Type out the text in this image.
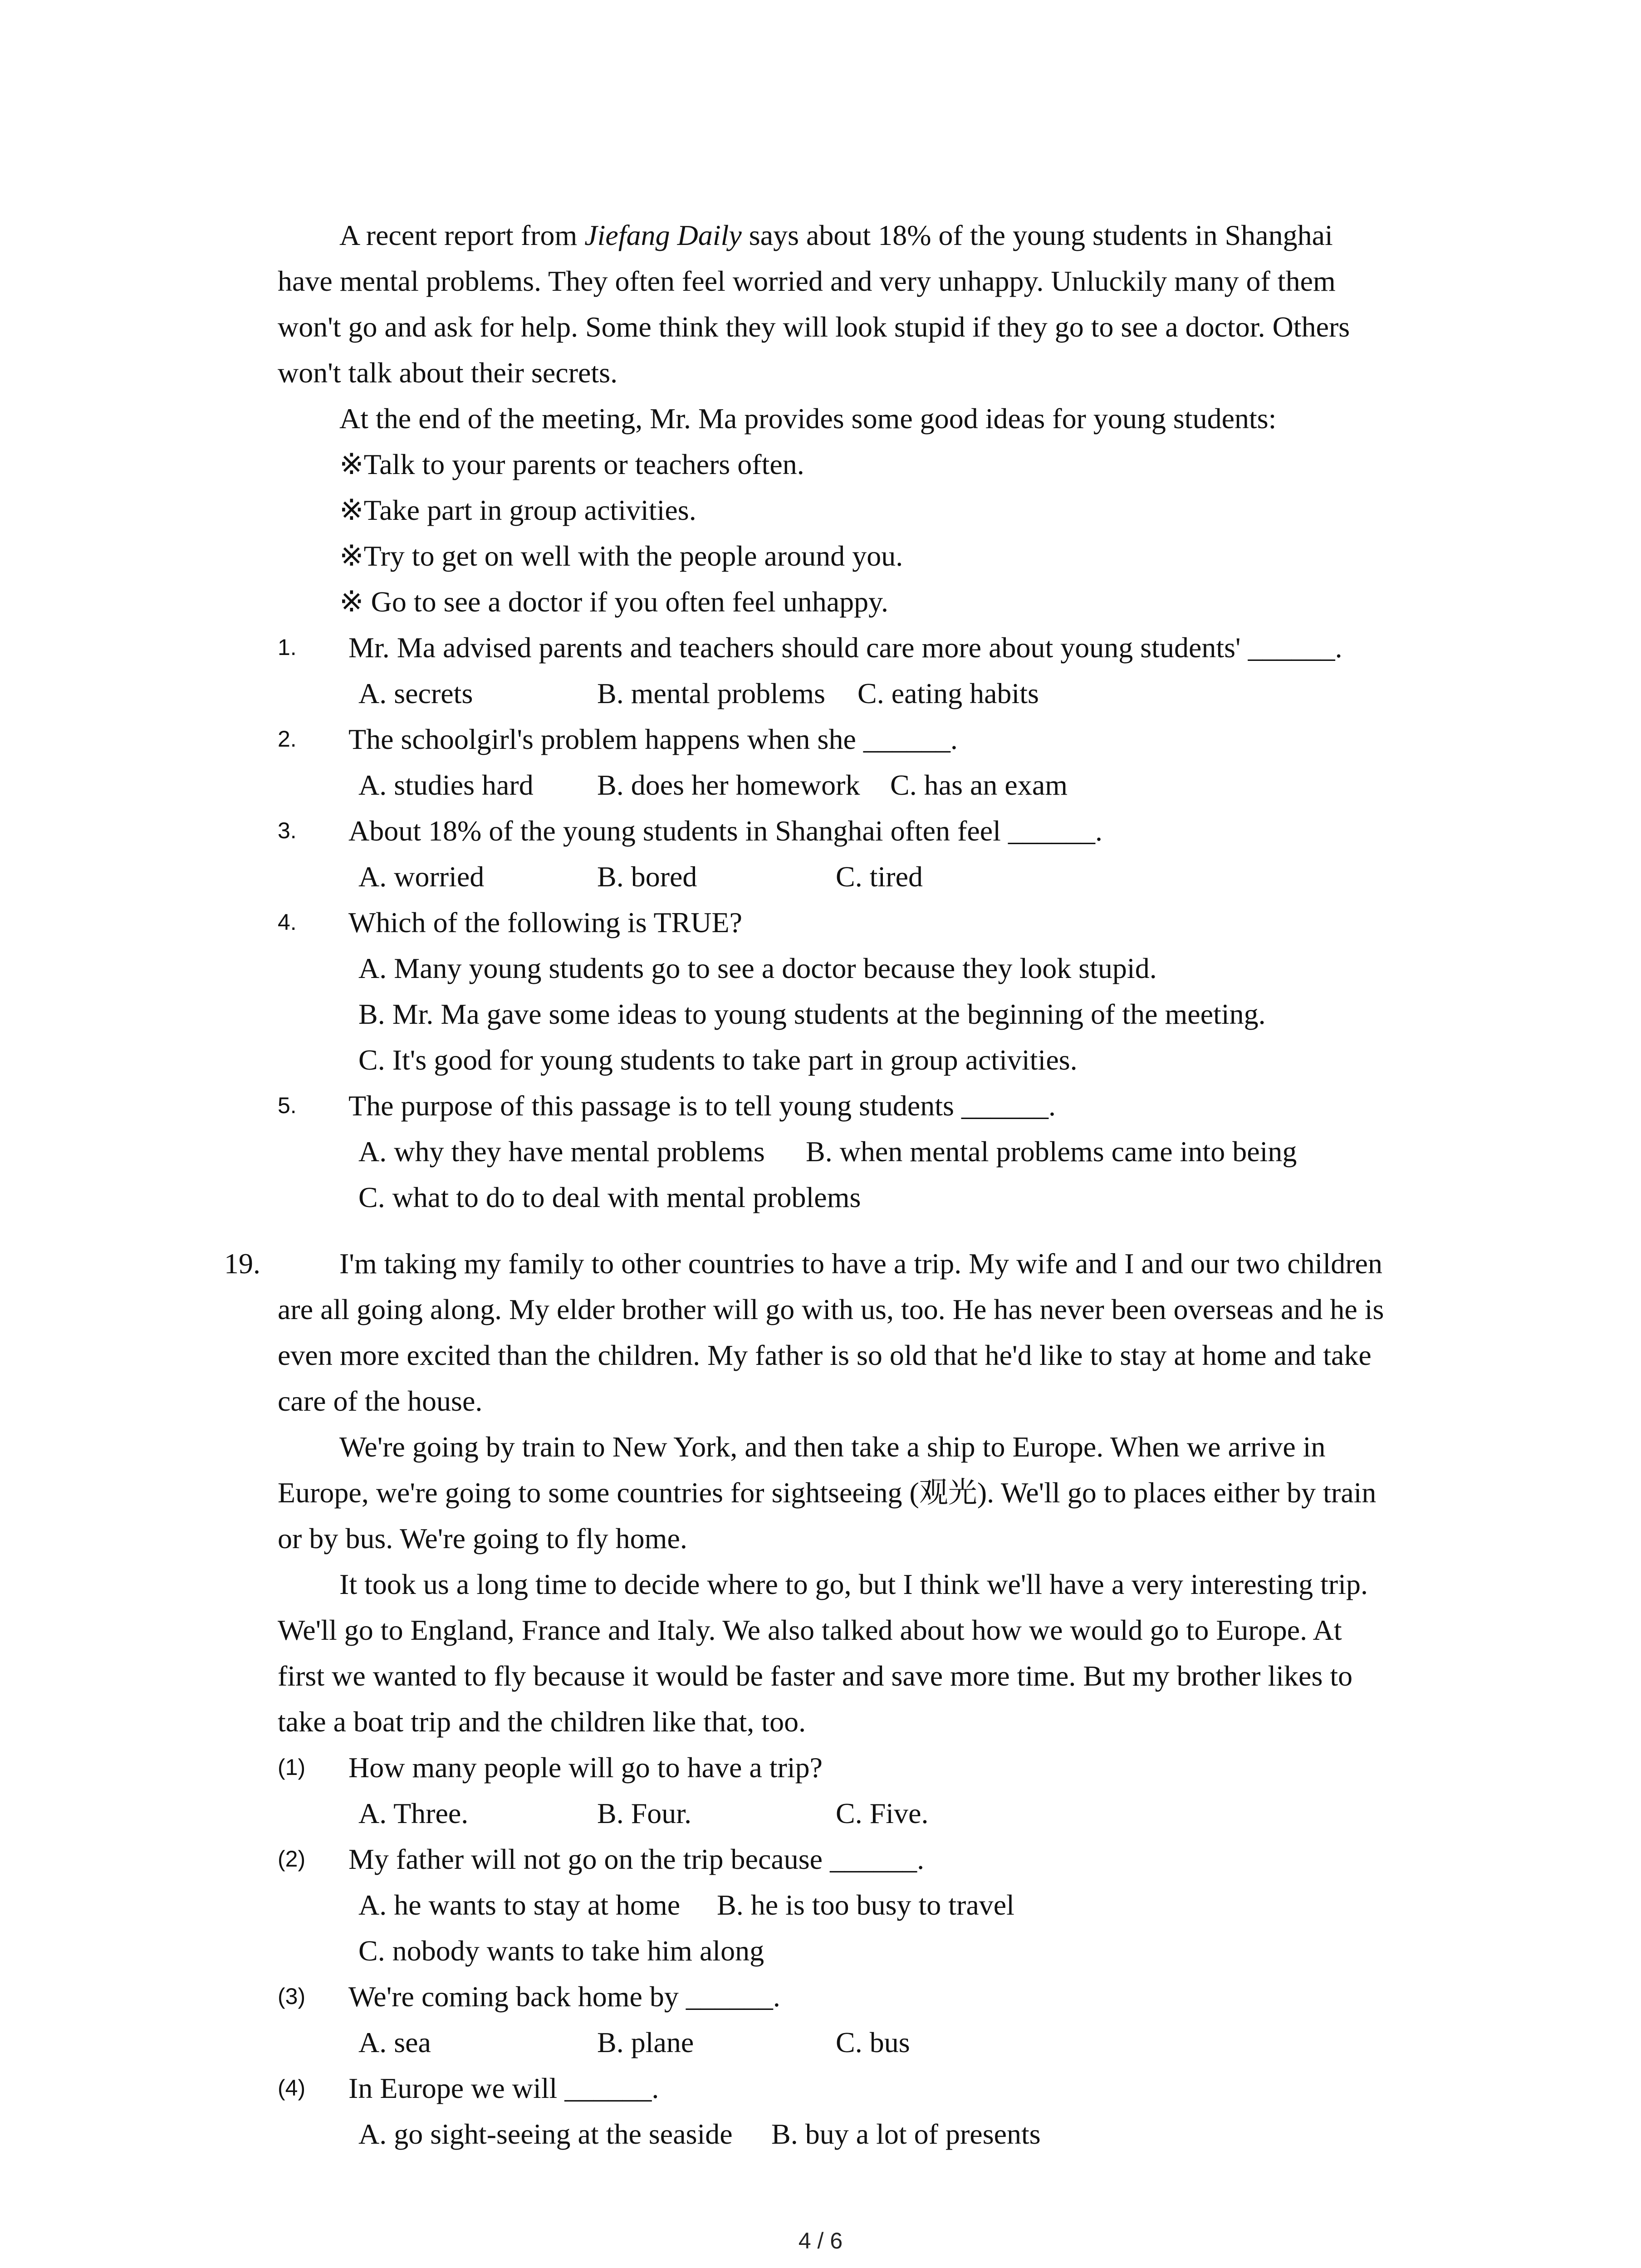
A recent report from Jiefang Daily says about 18% of the young students in Shanghai
have mental problems. They often feel worried and very unhappy. Unluckily many of them
won't go and ask for help. Some think they will look stupid if they go to see a doctor. Others
won't talk about their secrets.
At the end of the meeting, Mr. Ma provides some good ideas for young students:
※Talk to your parents or teachers often.
※Take part in group activities.
※Try to get on well with the people around you.
※ Go to see a doctor if you often feel unhappy.
1. Mr. Ma advised parents and teachers should care more about young students' ______.
A. secrets	B. mental problems C. eating habits
2. The schoolgirl's problem happens when she ______.
A. studies hard B. does her homework C. has an exam
3. About 18% of the young students in Shanghai often feel ______.
A. worried	B. bored	C. tired
4. Which of the following is TRUE?
A. Many young students go to see a doctor because they look stupid.
B. Mr. Ma gave some ideas to young students at the beginning of the meeting.
C. It's good for young students to take part in group activities.
5. The purpose of this passage is to tell young students ______.
A. why they have mental problems B. when mental problems came into being
C. what to do to deal with mental problems
19.	I'm taking my family to other countries to have a trip. My wife and I and our two children
are all going along. My elder brother will go with us, too. He has never been overseas and he is
even more excited than the children. My father is so old that he'd like to stay at home and take
care of the house.
We're going by train to New York, and then take a ship to Europe. When we arrive in
Europe, we're going to some countries for sightseeing (观光). We'll go to places either by train
or by bus. We're going to fly home.
It took us a long time to decide where to go, but I think we'll have a very interesting trip.
We'll go to England, France and Italy. We also talked about how we would go to Europe. At
first we wanted to fly because it would be faster and save more time. But my brother likes to
take a boat trip and the children like that, too.
(1) How many people will go to have a trip?
A. Three.	B. Four.	C. Five.
(2) My father will not go on the trip because ______.
A. he wants to stay at home B. he is too busy to travel
C. nobody wants to take him along
(3) We're coming back home by ______.
A. sea	B. plane	C. bus
(4) In Europe we will ______.
A. go sight-seeing at the seaside B. buy a lot of presents
4 / 6
